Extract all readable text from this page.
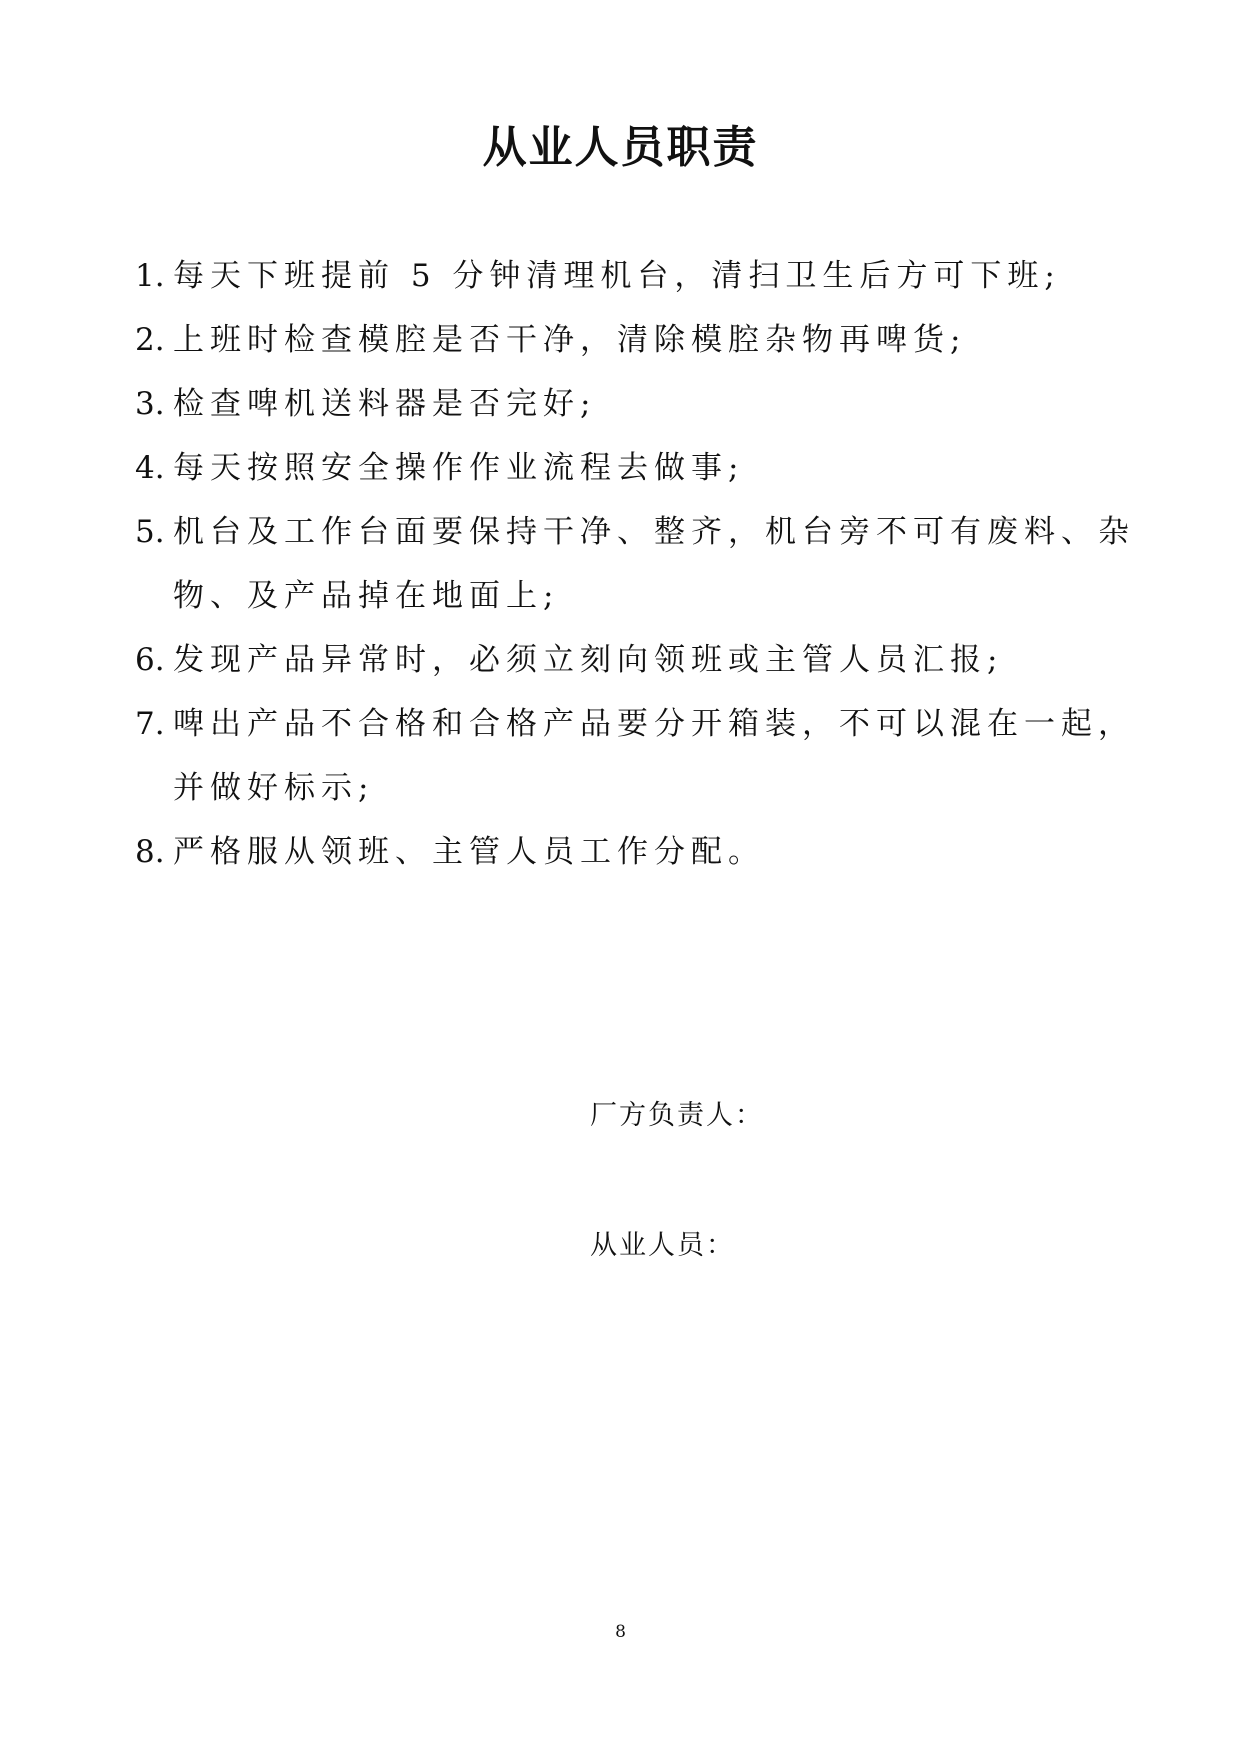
从业人员职责
1. 每天下班提前 5 分钟清理机台，清扫卫生后方可下班;
2. 上班时检查模腔是否干净，清除模腔杂物再啤货;
3. 检查啤机送料器是否完好;
4. 每天按照安全操作作业流程去做事;
5. 机台及工作台面要保持干净、整齐，机台旁不可有废料、杂物、及产品掉在地面上;
6. 发现产品异常时，必须立刻向领班或主管人员汇报;
7. 啤出产品不合格和合格产品要分开箱装，不可以混在一起，并做好标示;
8. 严格服从领班、主管人员工作分配。
厂方负责人：
从业人员：
8
